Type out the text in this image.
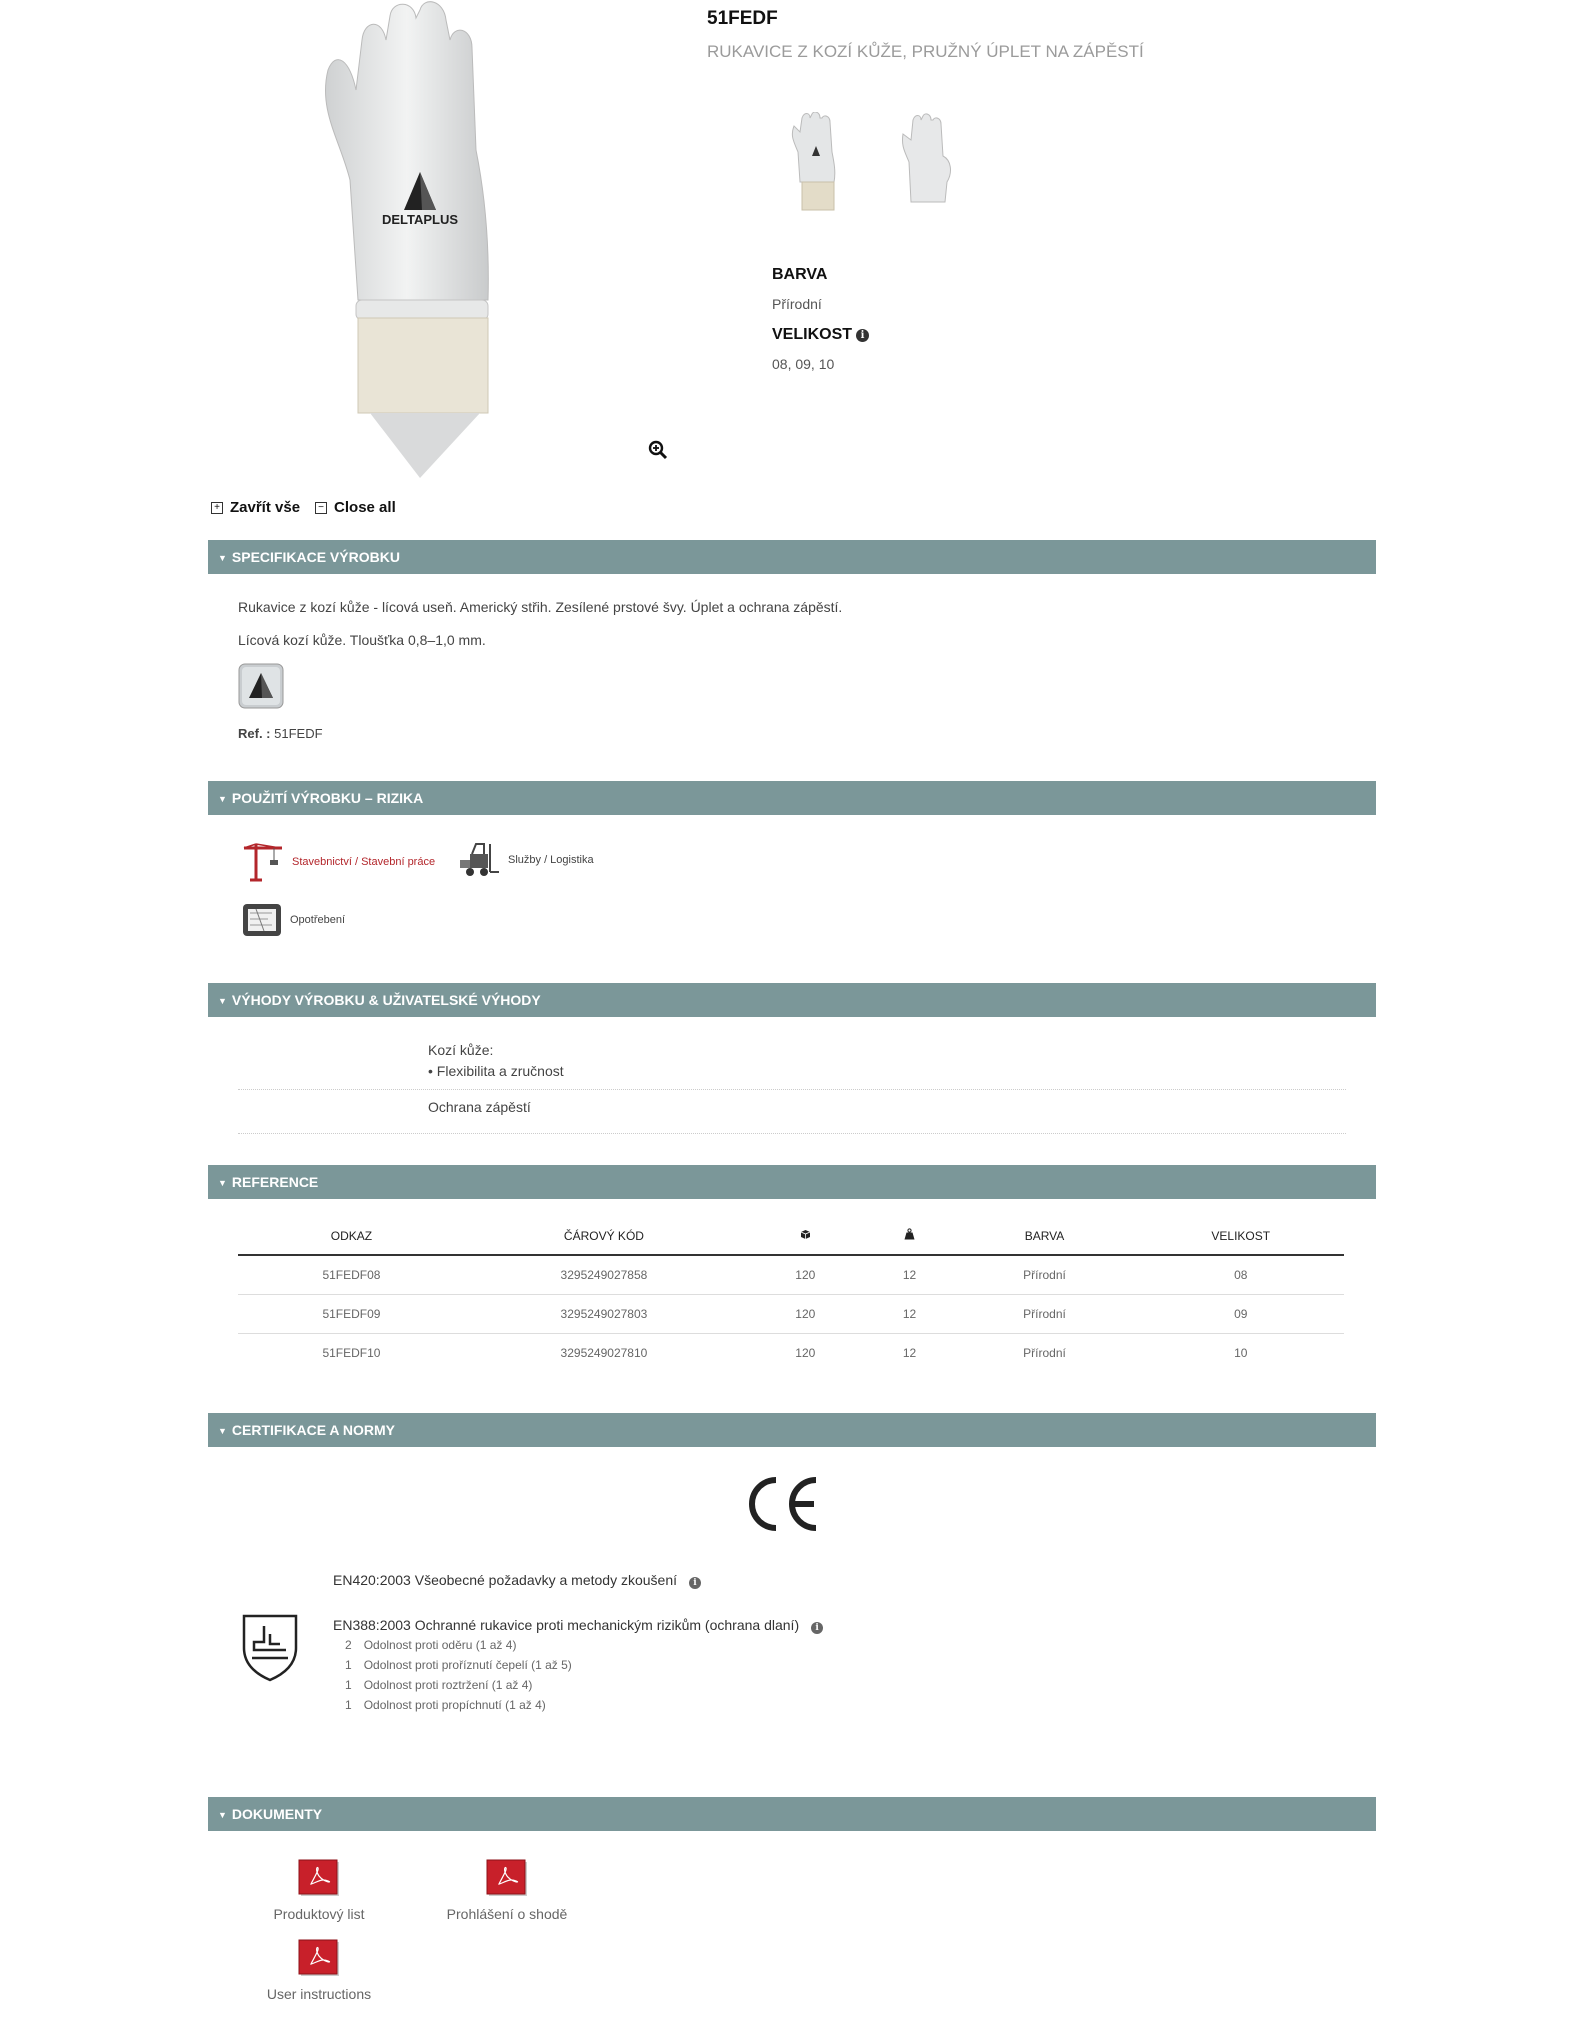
DELTAPLUS
51FEDF
RUKAVICE Z KOZÍ KŮŽE, PRUŽNÝ ÚPLET NA ZÁPĚSTÍ
BARVA
Přírodní
VELIKOST i
08, 09, 10
+ Zavřít vše	− Close all
▼ SPECIFIKACE VÝROBKU
Rukavice z kozí kůže - lícová useň. Americký střih. Zesílené prstové švy. Úplet a ochrana zápěstí.
Lícová kozí kůže. Tloušťka 0,8–1,0 mm.
Ref. : 51FEDF
▼ POUŽITÍ VÝROBKU – RIZIKA
Stavebnictví / Stavební práce	Služby / Logistika
Opotřebení
▼ VÝHODY VÝROBKU & UŽIVATELSKÉ VÝHODY
Kozí kůže:
• Flexibilita a zručnost
Ochrana zápěstí
▼ REFERENCE
ODKAZ	ČÁROVÝ KÓD			BARVA	VELIKOST
51FEDF08	3295249027858	120	12	Přírodní	08
51FEDF09	3295249027803	120	12	Přírodní	09
51FEDF10	3295249027810	120	12	Přírodní	10
▼ CERTIFIKACE A NORMY
EN420:2003 Všeobecné požadavky a metody zkoušení i
EN388:2003 Ochranné rukavice proti mechanickým rizikům (ochrana dlaní) i
2 Odolnost proti oděru (1 až 4)
1 Odolnost proti proříznutí čepelí (1 až 5)
1 Odolnost proti roztržení (1 až 4)
1 Odolnost proti propíchnutí (1 až 4)
▼ DOKUMENTY
Produktový list	Prohlášení o shodě
User instructions
